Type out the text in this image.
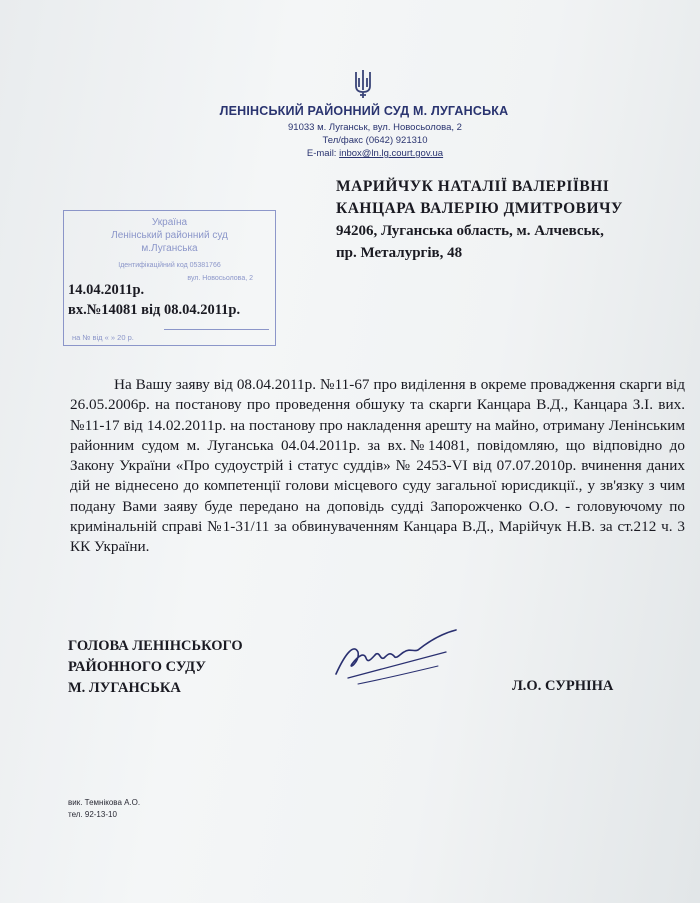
ЛЕНІНСЬКИЙ РАЙОННИЙ СУД М. ЛУГАНСЬКА
91033 м. Луганськ, вул. Новосьолова, 2
Тел/факс (0642) 921310
E-mail: inbox@ln.lg.court.gov.ua
МАРИЙЧУК НАТАЛІЇ ВАЛЕРІЇВНІ
КАНЦАРА ВАЛЕРІЮ ДМИТРОВИЧУ
94206, Луганська область, м. Алчевськ,
пр. Металургів, 48
Україна
Ленінський районний суд
м.Луганська
Ідентифікаційний код 05381766
вул. Новосьолова, 2
на № від « » 20 р.
14.04.2011р.
вх.№14081 від 08.04.2011р.

На Вашу заяву від 08.04.2011р. №11-67 про виділення в окреме провадження скарги від 26.05.2006р. на постанову про проведення обшуку та скарги Канцара В.Д., Канцара З.І. вих.№11-17 від 14.02.2011р. на постанову про накладення арешту на майно, отриману Ленінським районним судом м. Луганська 04.04.2011р. за вх.№14081, повідомляю, що відповідно до Закону України «Про судоустрій і статус суддів» № 2453-VI від 07.07.2010р. вчинення даних дій не віднесено до компетенції голови місцевого суду загальної юрисдикції., у зв'язку з чим подану Вами заяву буде передано на доповідь судді Запорожченко О.О. - головуючому по кримінальній справі №1-31/11 за обвинуваченням Канцара В.Д., Марійчук Н.В. за ст.212 ч. 3 КК України.

ГОЛОВА ЛЕНІНСЬКОГО
РАЙОННОГО СУДУ
М. ЛУГАНСЬКА	Л.О. СУРНІНА
вик. Темнікова А.О.
тел. 92-13-10
